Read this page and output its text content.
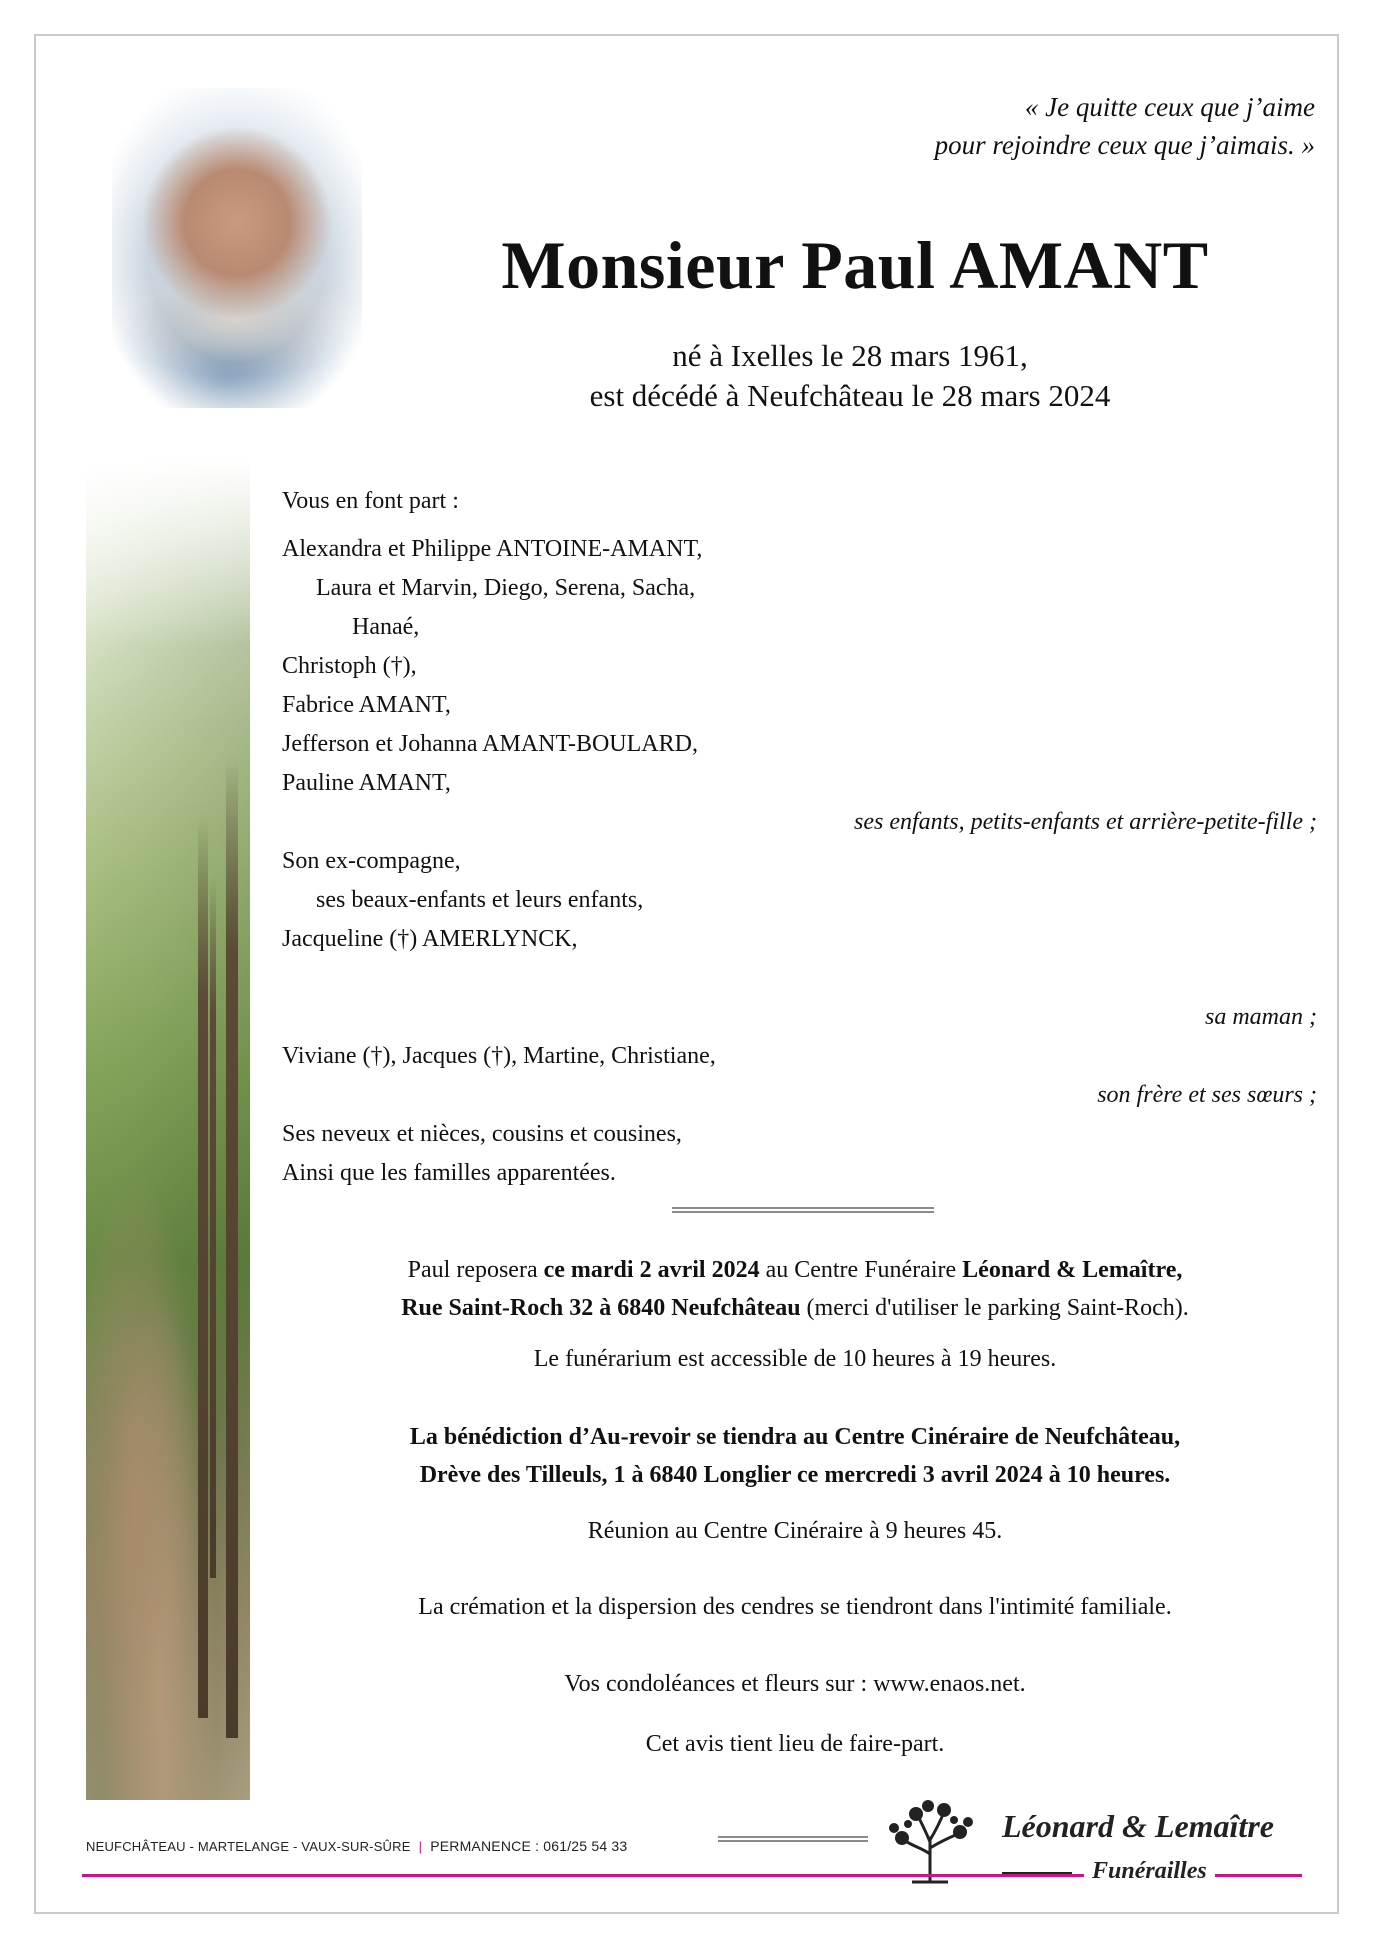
« Je quitte ceux que j’aime
pour rejoindre ceux que j’aimais. »
Monsieur Paul AMANT
né à Ixelles le 28 mars 1961,
est décédé à Neufchâteau le 28 mars 2024
Vous en font part :
Alexandra et Philippe ANTOINE-AMANT,
Laura et Marvin, Diego, Serena, Sacha,
Hanaé,
Christoph (†),
Fabrice AMANT,
Jefferson et Johanna AMANT-BOULARD,
Pauline AMANT,
ses enfants, petits-enfants et arrière-petite-fille ;
Son ex-compagne,
ses beaux-enfants et leurs enfants,
Jacqueline (†) AMERLYNCK,
sa maman ;
Viviane (†), Jacques (†), Martine, Christiane,
son frère et ses sœurs ;
Ses neveux et nièces, cousins et cousines,
Ainsi que les familles apparentées.

Paul reposera ce mardi 2 avril 2024 au Centre Funéraire Léonard & Lemaître,

Rue Saint-Roch 32 à 6840 Neufchâteau (merci d'utiliser le parking Saint-Roch).

Le funérarium est accessible de 10 heures à 19 heures.

La bénédiction d’Au-revoir se tiendra au Centre Cinéraire de Neufchâteau,

Drève des Tilleuls, 1 à 6840 Longlier ce mercredi 3 avril 2024 à 10 heures.

Réunion au Centre Cinéraire à 9 heures 45.

La crémation et la dispersion des cendres se tiendront dans l'intimité familiale.

Vos condoléances et fleurs sur : www.enaos.net.

Cet avis tient lieu de faire-part.

NEUFCHÂTEAU - MARTELANGE - VAUX-SUR-SÛRE | PERMANENCE : 061/25 54 33
Léonard & Lemaître
Funérailles
